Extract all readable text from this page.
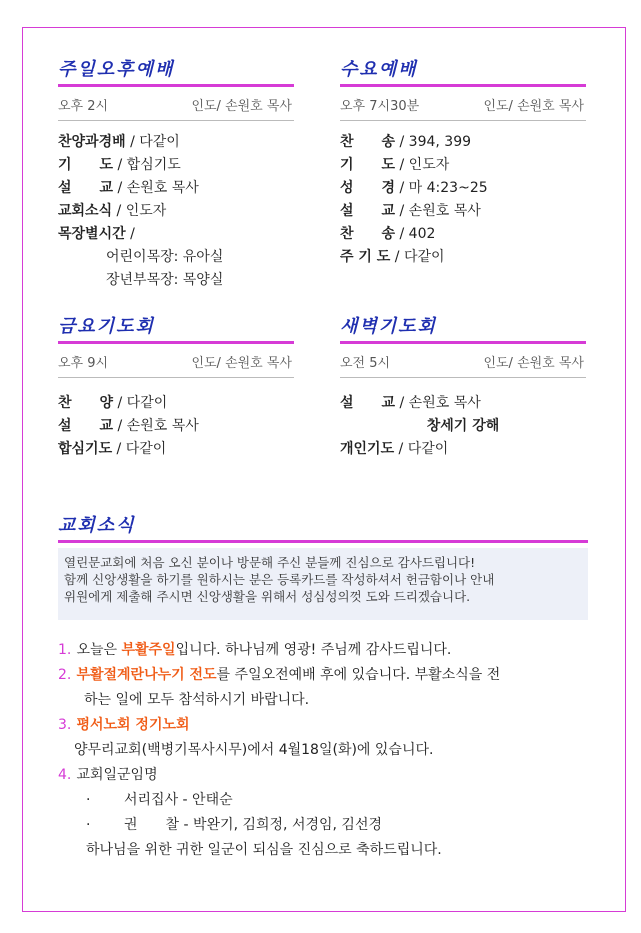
주일오후예배
오후 2시	인도/ 손원호 목사
찬양과경배 / 다같이
기　　도 / 합심기도
설　　교 / 손원호 목사
교회소식 / 인도자
목장별시간 /
어린이목장: 유아실
장년부목장: 목양실
수요예배
오후 7시30분	인도/ 손원호 목사
찬　　송 / 394, 399
기　　도 / 인도자
성　　경 / 마 4:23~25
설　　교 / 손원호 목사
찬　　송 / 402
주 기 도 / 다같이
금요기도회
오후 9시	인도/ 손원호 목사
찬　　양 / 다같이
설　　교 / 손원호 목사
합심기도 / 다같이
새벽기도회
오전 5시	인도/ 손원호 목사
설　　교 / 손원호 목사
창세기 강해
개인기도 / 다같이
교회소식
열린문교회에 처음 오신 분이나 방문해 주신 분들께 진심으로 감사드립니다!
함께 신앙생활을 하기를 원하시는 분은 등록카드를 작성하셔서 헌금함이나 안내
위원에게 제출해 주시면 신앙생활을 위해서 성심성의껏 도와 드리겠습니다.
1. 오늘은 부활주일입니다. 하나님께 영광! 주님께 감사드립니다.
2. 부활절계란나누기 전도를 주일오전예배 후에 있습니다. 부활소식을 전
하는 일에 모두 참석하시기 바랍니다.
3. 평서노회 정기노회
양무리교회(백병기목사시무)에서 4월18일(화)에 있습니다.
4. 교회일군임명
· 서리집사 - 안태순
· 권　　찰 - 박완기, 김희정, 서경임, 김선경
하나님을 위한 귀한 일군이 되심을 진심으로 축하드립니다.
